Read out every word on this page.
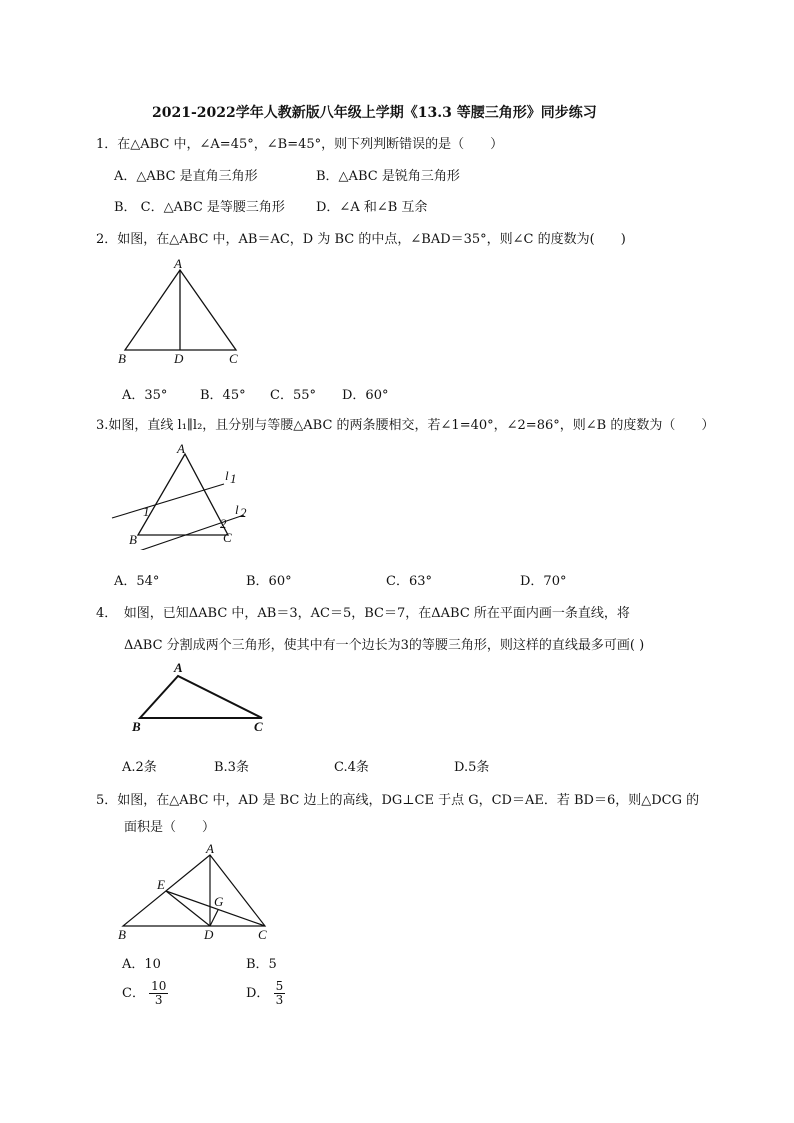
2021-2022学年人教新版八年级上学期《13.3 等腰三角形》同步练习
1．在△ABC 中，∠A=45°，∠B=45°，则下列判断错误的是（　　）
A．△ABC 是直角三角形	B．△ABC 是锐角三角形
B． C．△ABC 是等腰三角形 D．∠A 和∠B 互余
2．如图，在△ABC 中，AB＝AC，D 为 BC 的中点，∠BAD＝35°，则∠C 的度数为(　　)
A
B	D	C
A．35°	B．45° C．55° D．60°
3.如图，直线 l₁∥l₂，且分别与等腰△ABC 的两条腰相交，若∠1=40°，∠2=86°，则∠B 的度数为（　　）
A
B	C
l 1
l 2
1
2
A．54°	B．60°	C．63°	D．70°
4．　如图，已知ΔABC 中，AB＝3，AC＝5，BC＝7，在ΔABC 所在平面内画一条直线，将
ΔABC 分割成两个三角形，使其中有一个边长为3的等腰三角形，则这样的直线最多可画( )
A
B	C
A.2条	B.3条	C.4条	D.5条
5．如图，在△ABC 中，AD 是 BC 边上的高线，DG⊥CE 于点 G，CD＝AE．若 BD＝6，则△DCG 的
面积是（　　）
A
E
G
B	D	C
A．10	B．5
C． $\frac{10}{3}$	D． $\frac{5}{3}$
